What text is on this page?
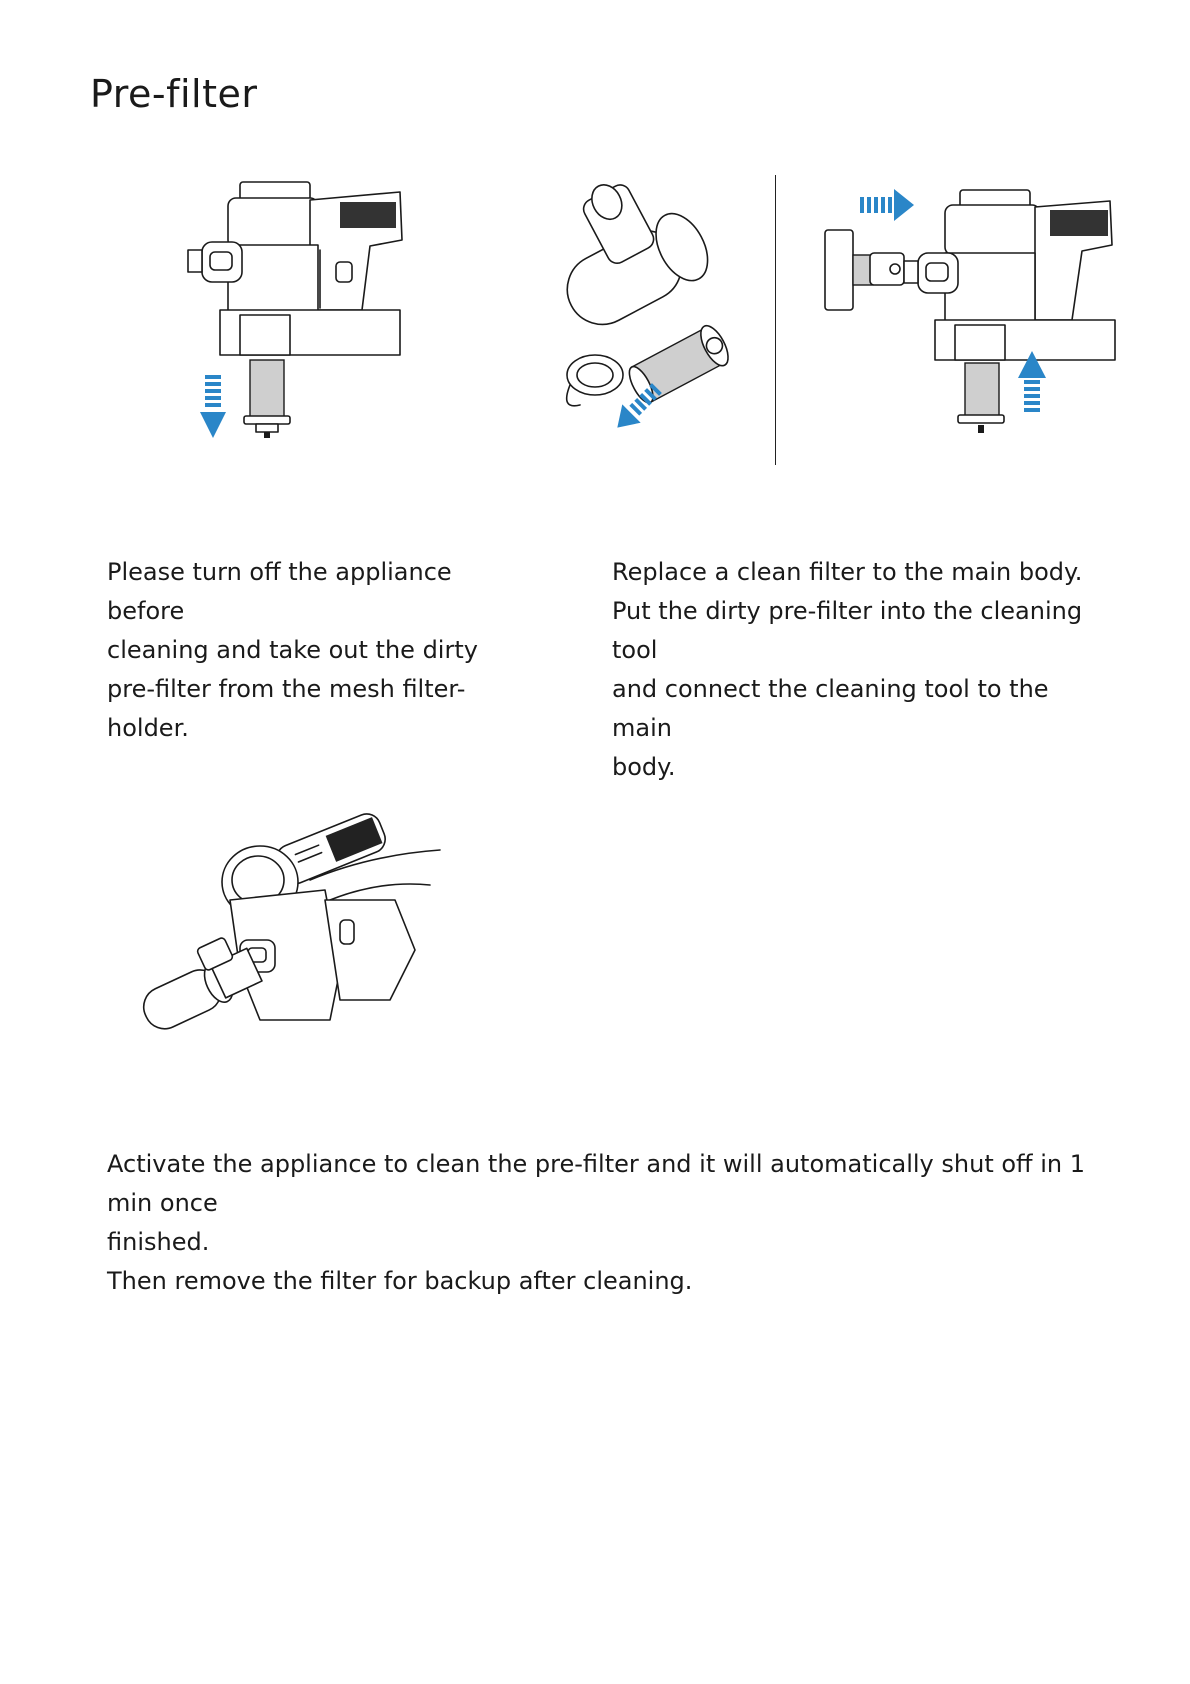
Pre-filter

Please turn off the appliance before
cleaning and take out the dirty
pre-filter from the mesh filter-holder.

Replace a clean filter to the main body.
Put the dirty pre-filter into the cleaning tool
and connect the cleaning tool to the main
body.

Activate the appliance to clean the pre-filter and it will automatically shut off in 1 min once
finished.
Then remove the filter for backup after cleaning.
